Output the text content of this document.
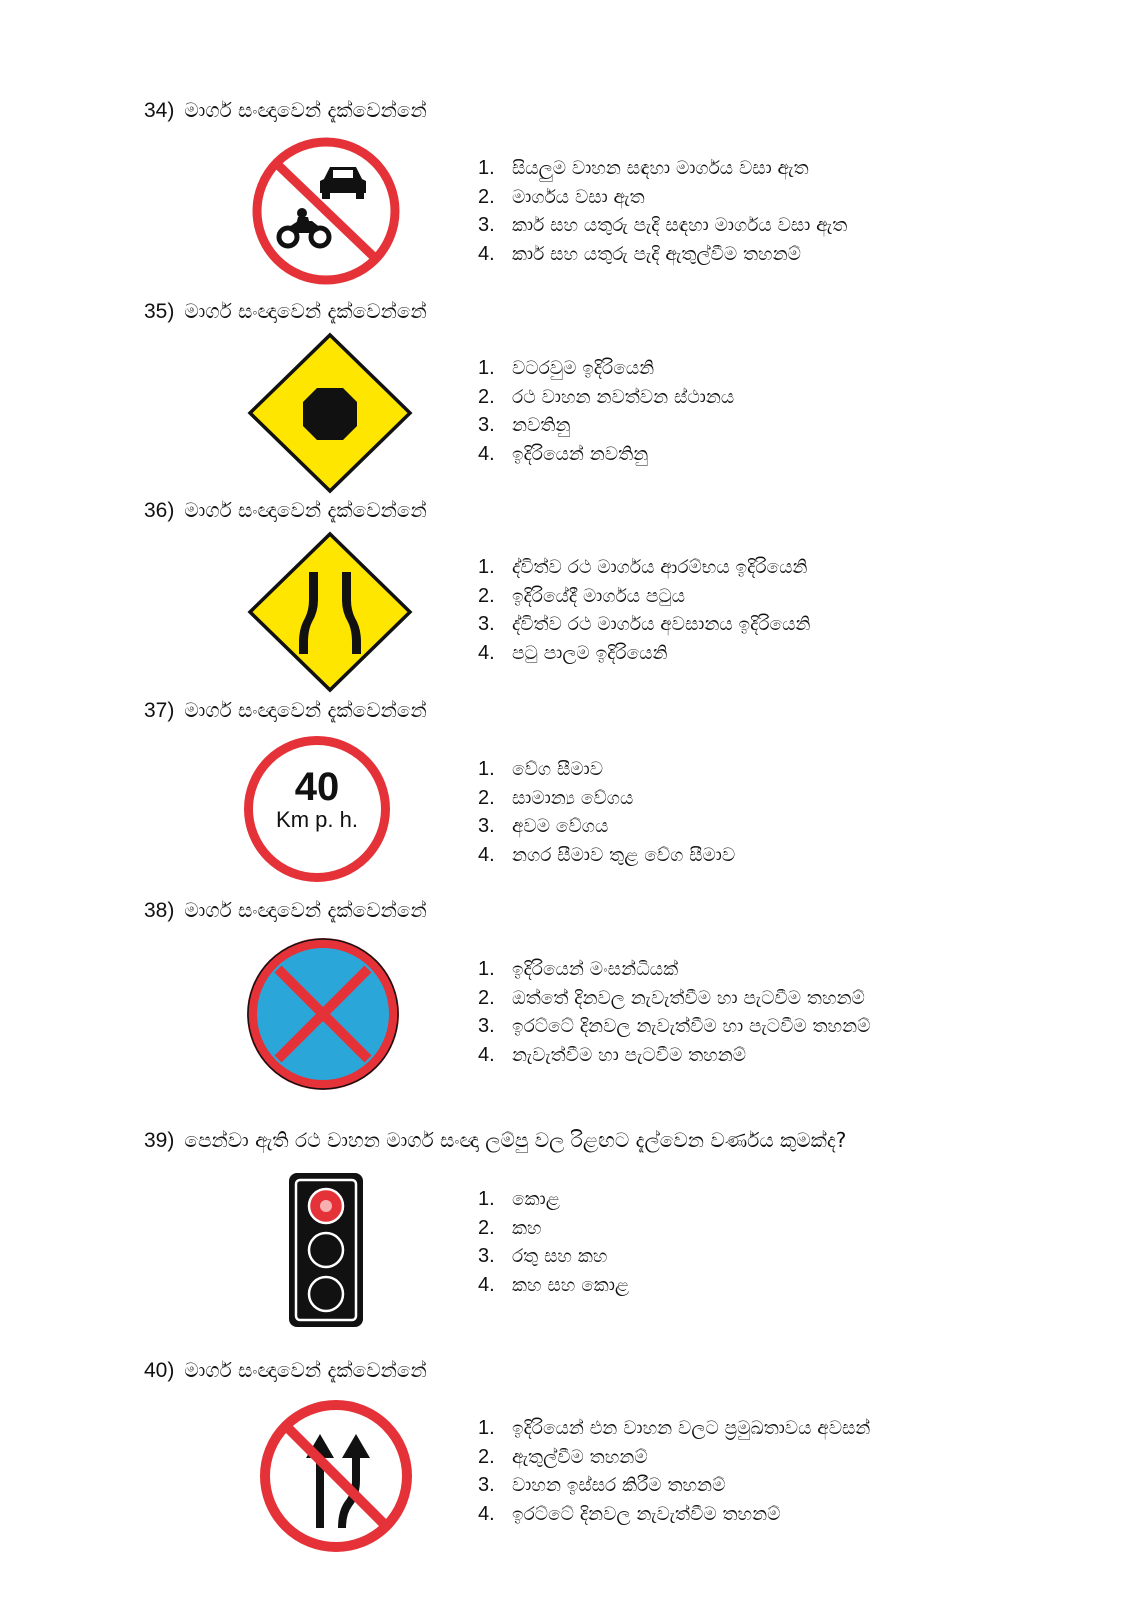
34) මාර්ග සංඥාවෙන් දැක්වෙන්නේ
1. සියලුම වාහන සඳහා මාර්ගය වසා ඇත
2. මාර්ගය වසා ඇත
3. කාර් සහ යතුරු පැදි සඳහා මාර්ගය වසා ඇත
4. කාර් සහ යතුරු පැදි ඇතුල්වීම තහනම්
35) මාර්ග සංඥාවෙන් දැක්වෙන්නේ
1. වටරවුම ඉදිරියෙනි
2. රථ වාහන නවත්වන ස්ථානය
3. නවතිනු
4. ඉදිරියෙන් නවතිනු
36) මාර්ග සංඥාවෙන් දැක්වෙන්නේ
1. ද්විත්ව රථ මාර්ගය ආරම්භය ඉදිරියෙනි
2. ඉදිරියේදී මාර්ගය පටුය
3. ද්විත්ව රථ මාර්ගය අවසානය ඉදිරියෙනි
4. පටු පාලම ඉදිරියෙනි
37) මාර්ග සංඥාවෙන් දැක්වෙන්නේ
40
Km p. h.
1. වේග සීමාව
2. සාමාන්‍ය වේගය
3. අවම වේගය
4. නගර සීමාව තුළ වේග සීමාව
38) මාර්ග සංඥාවෙන් දැක්වෙන්නේ
1. ඉදිරියෙන් මංසන්ධියක්
2. ඔත්තේ දිනවල නැවැත්වීම හා පැටවීම තහනම්
3. ඉරට්ටේ දිනවල නැවැත්වීම හා පැටවීම තහනම්
4. නැවැත්වීම හා පැටවීම තහනම්
39) පෙන්වා ඇති රථ වාහන මාර්ග සංඥා ලම්පු වල රිළඟට දැල්වෙන වර්ණය කුමක්ද?
1. කොළ
2. කහ
3. රතු සහ කහ
4. කහ සහ කොළ
40) මාර්ග සංඥාවෙන් දැක්වෙන්නේ
1. ඉදිරියෙන් එන වාහන වලට ප්‍රමුඛතාවය අවසන්
2. ඇතුල්වීම තහනම්
3. වාහන ඉස්සර කිරීම තහනම්
4. ඉරට්ටේ දිනවල නැවැත්වීම තහනම්
